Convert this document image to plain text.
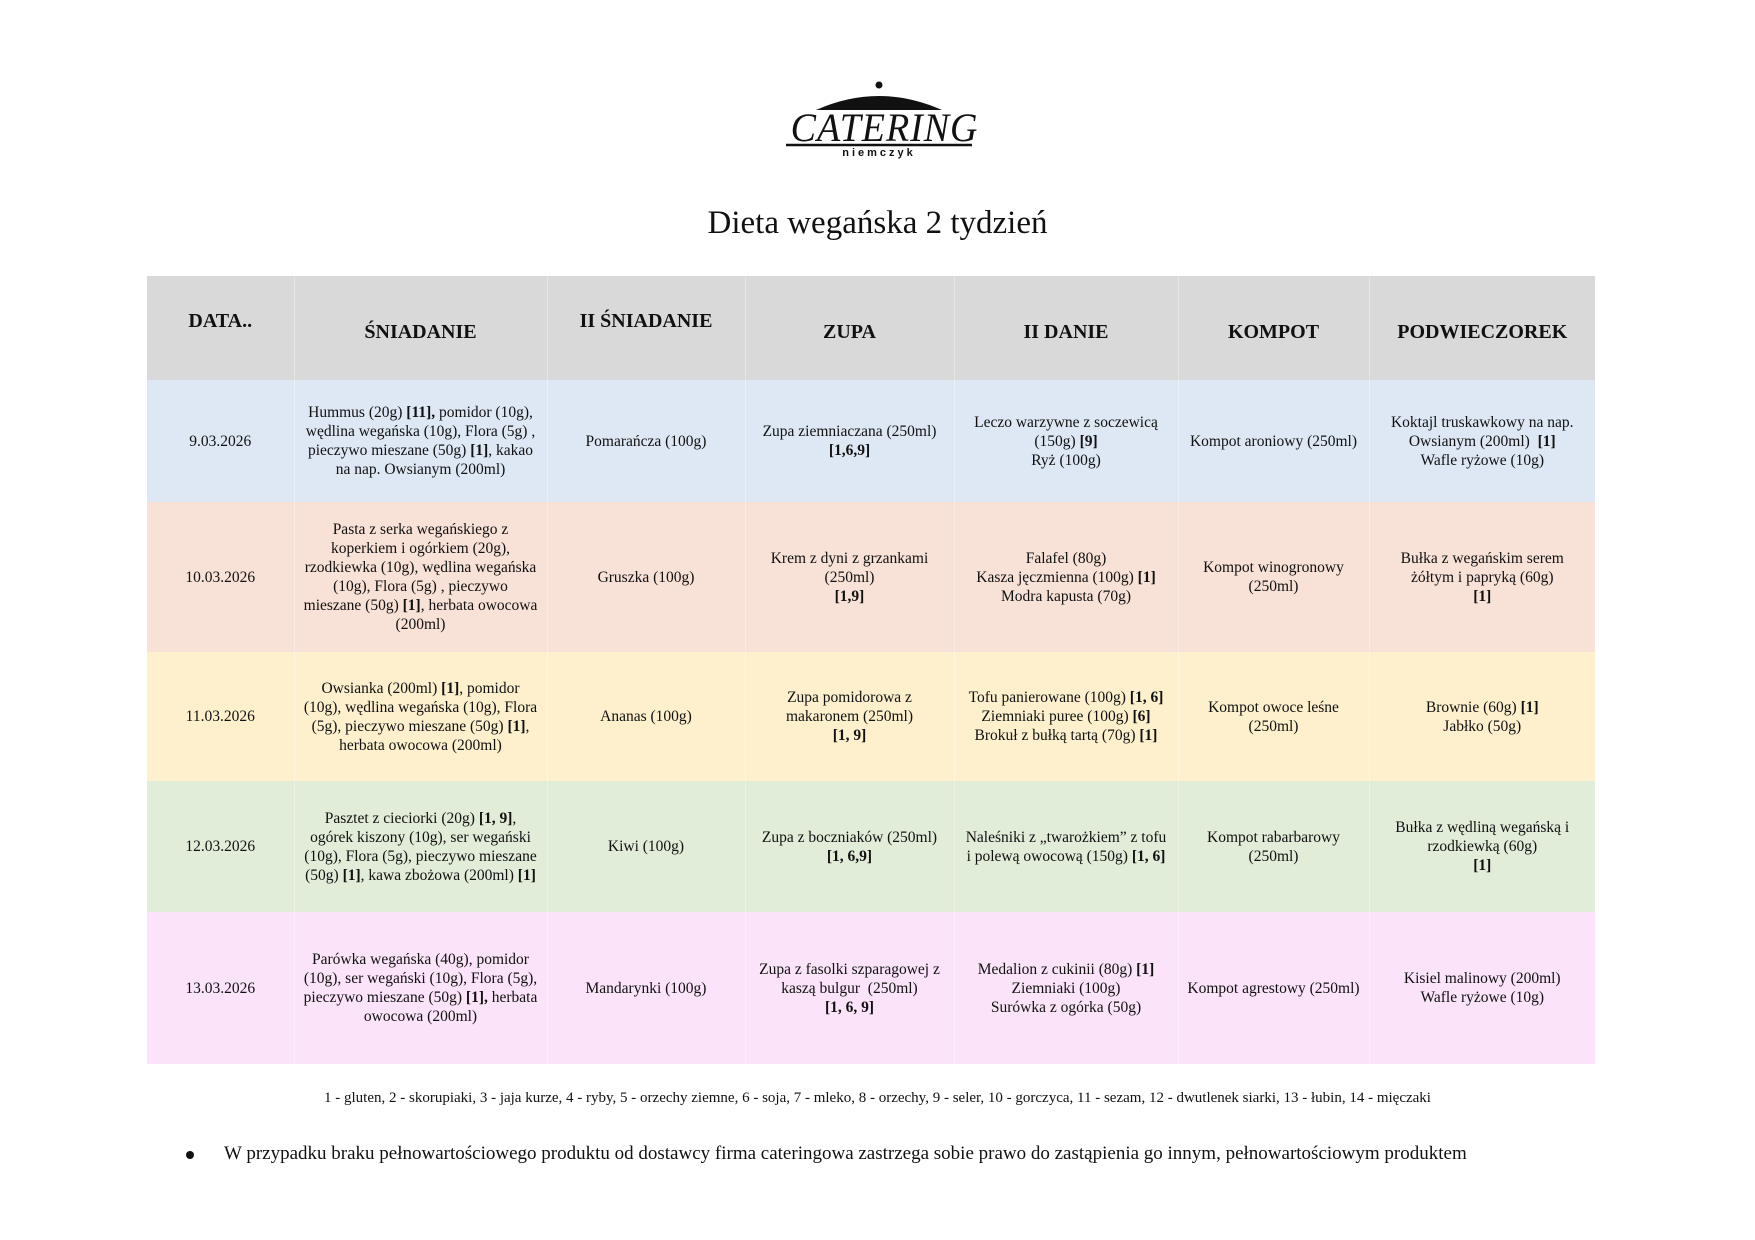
CATERING
niemczyk
Dieta wegańska 2 tydzień
DATA..	ŚNIADANIE	II ŚNIADANIE	ZUPA	II DANIE	KOMPOT	PODWIECZOREK
9.03.2026	Hummus (20g) [11], pomidor (10g), wędlina wegańska (10g), Flora (5g) , pieczywo mieszane (50g) [1], kakao na nap. Owsianym (200ml)	Pomarańcza (100g)	Zupa ziemniaczana (250ml)
[1,6,9]	Leczo warzywne z soczewicą (150g) [9]
Ryż (100g)	Kompot aroniowy (250ml)	Koktajl truskawkowy na nap. Owsianym (200ml)  [1]
Wafle ryżowe (10g)
10.03.2026	Pasta z serka wegańskiego z koperkiem i ogórkiem (20g), rzodkiewka (10g), wędlina wegańska (10g), Flora (5g) , pieczywo mieszane (50g) [1], herbata owocowa (200ml)	Gruszka (100g)	Krem z dyni z grzankami (250ml)
[1,9]	Falafel (80g)
Kasza jęczmienna (100g) [1]
Modra kapusta (70g)	Kompot winogronowy (250ml)	Bułka z wegańskim serem żółtym i papryką (60g)
[1]
11.03.2026	Owsianka (200ml) [1], pomidor (10g), wędlina wegańska (10g), Flora (5g), pieczywo mieszane (50g) [1], herbata owocowa (200ml)	Ananas (100g)	Zupa pomidorowa z makaronem (250ml)
[1, 9]	Tofu panierowane (100g) [1, 6]
Ziemniaki puree (100g) [6]
Brokuł z bułką tartą (70g) [1]	Kompot owoce leśne (250ml)	Brownie (60g) [1]
Jabłko (50g)
12.03.2026	Pasztet z cieciorki (20g) [1, 9], ogórek kiszony (10g), ser wegański (10g), Flora (5g), pieczywo mieszane (50g) [1], kawa zbożowa (200ml) [1]	Kiwi (100g)	Zupa z boczniaków (250ml)
[1, 6,9]	Naleśniki z „twarożkiem” z tofu i polewą owocową (150g) [1, 6]	Kompot rabarbarowy (250ml)	Bułka z wędliną wegańską i rzodkiewką (60g)
[1]
13.03.2026	Parówka wegańska (40g), pomidor (10g), ser wegański (10g), Flora (5g), pieczywo mieszane (50g) [1], herbata owocowa (200ml)	Mandarynki (100g)	Zupa z fasolki szparagowej z kaszą bulgur  (250ml)
[1, 6, 9]	Medalion z cukinii (80g) [1]
Ziemniaki (100g)
Surówka z ogórka (50g)	Kompot agrestowy (250ml)	Kisiel malinowy (200ml)
Wafle ryżowe (10g)
1 - gluten, 2 - skorupiaki, 3 - jaja kurze, 4 - ryby, 5 - orzechy ziemne, 6 - soja, 7 - mleko, 8 - orzechy, 9 - seler, 10 - gorczyca, 11 - sezam, 12 - dwutlenek siarki, 13 - łubin, 14 - mięczaki
W przypadku braku pełnowartościowego produktu od dostawcy firma cateringowa zastrzega sobie prawo do zastąpienia go innym, pełnowartościowym produktem
